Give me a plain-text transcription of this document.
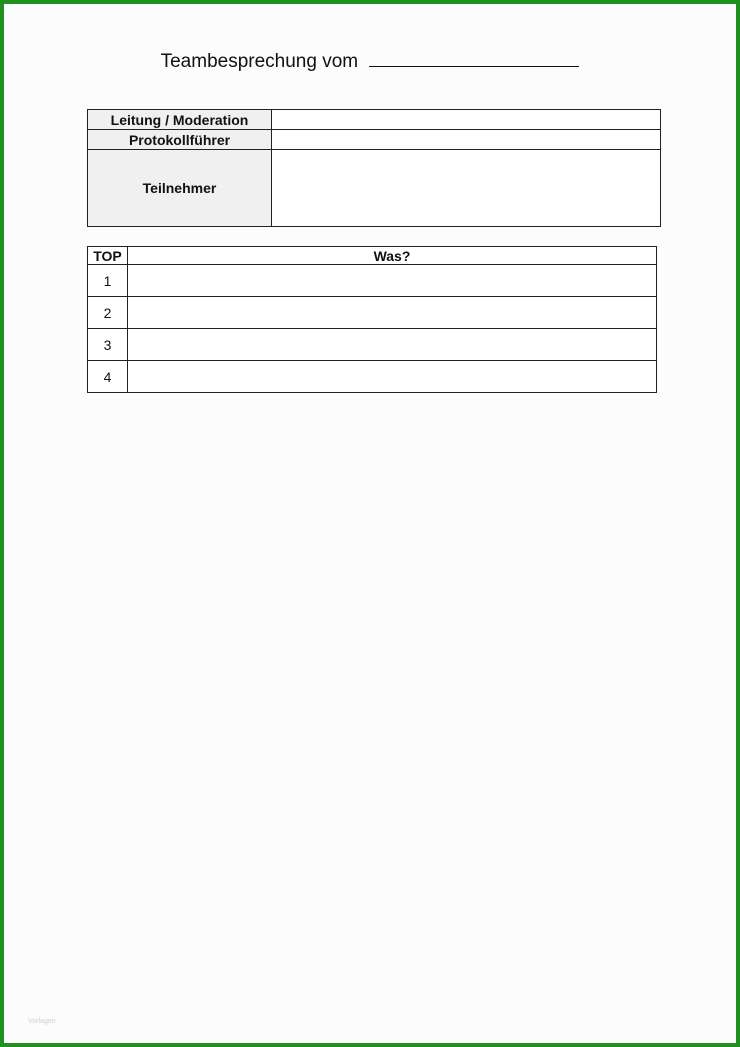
Teambesprechung vom
Leitung / Moderation	
Protokollführer	
Teilnehmer	
TOP	Was?
1	
2	
3	
4	
Vorlagen
